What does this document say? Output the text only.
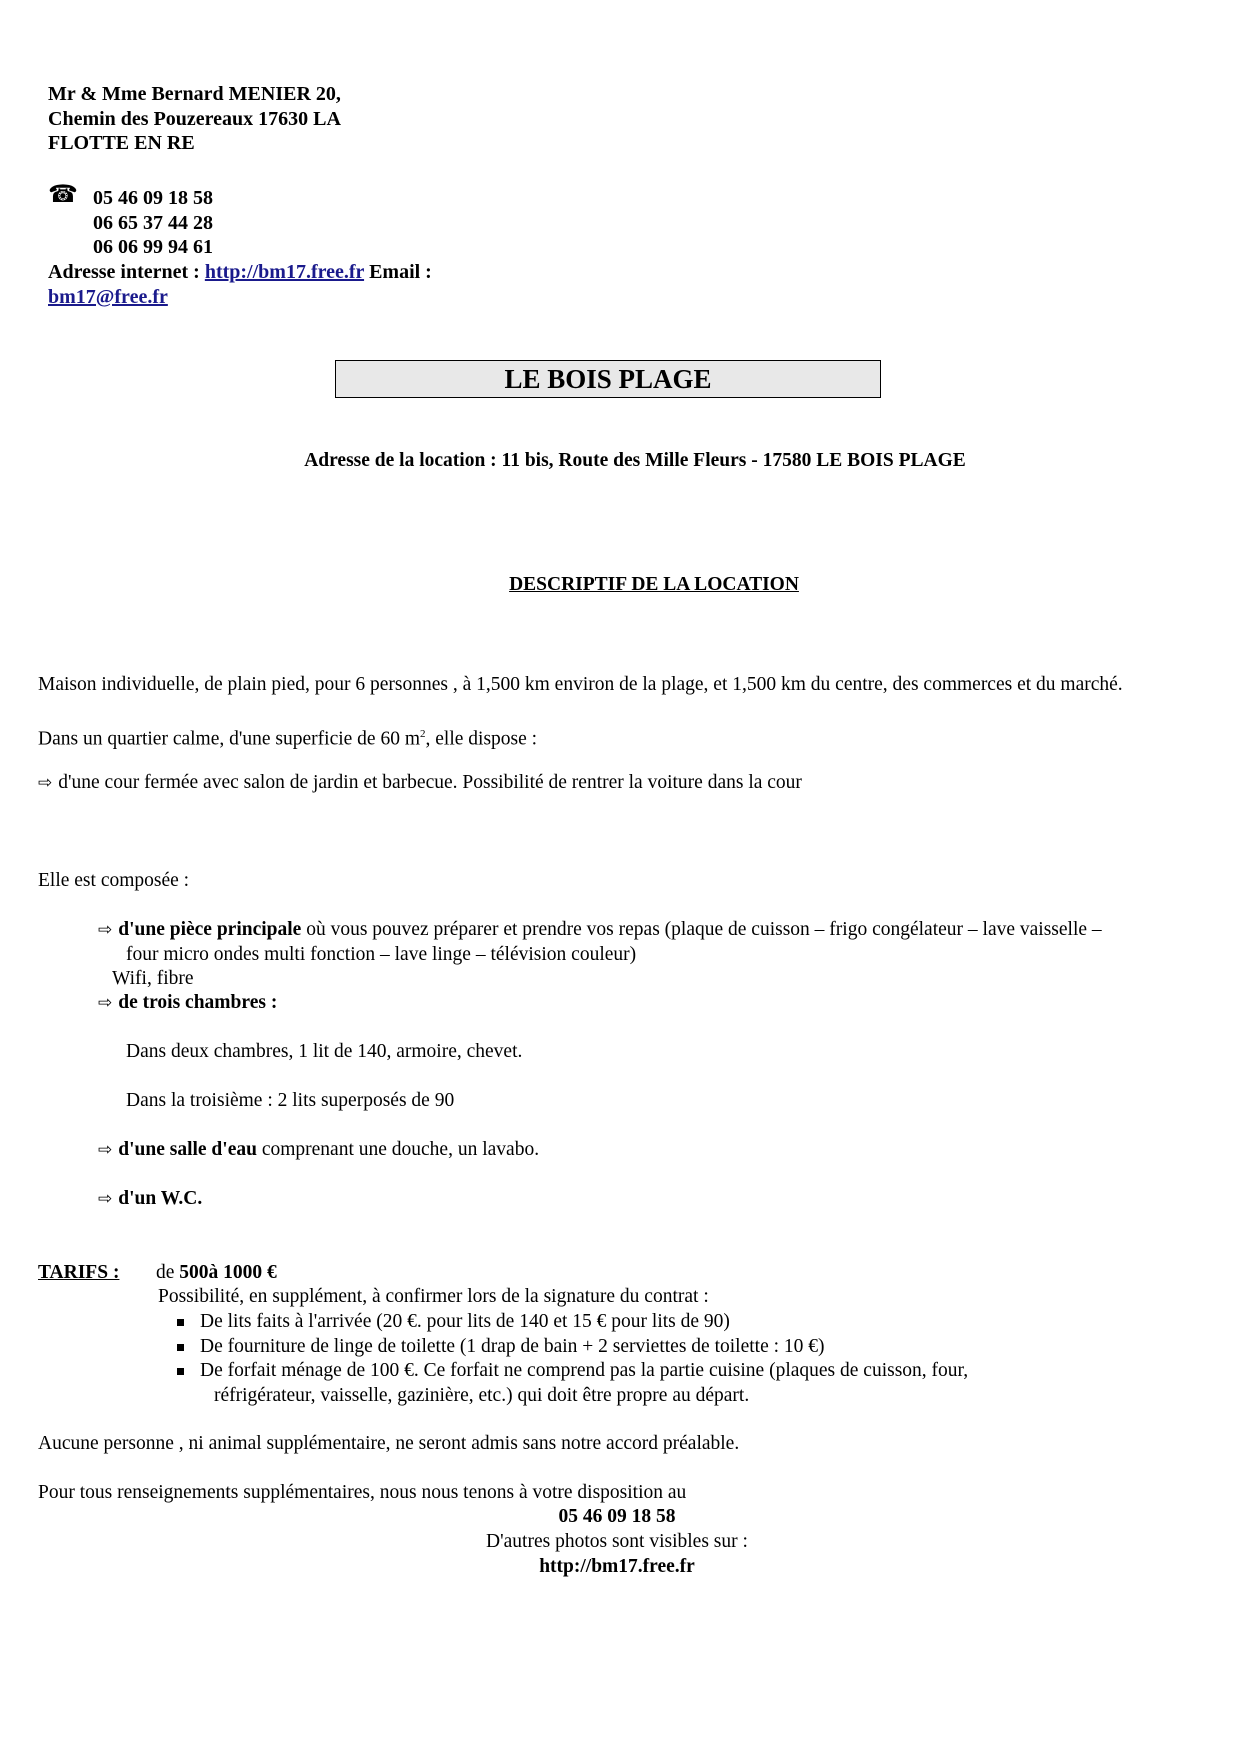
Mr & Mme Bernard MENIER 20,
Chemin des Pouzereaux 17630 LA
FLOTTE EN RE
☎ 05 46 09 18 58
06 65 37 44 28
06 06 99 94 61
Adresse internet : http://bm17.free.fr Email :
bm17@free.fr
LE BOIS PLAGE
Adresse de la location : 11 bis, Route des Mille Fleurs - 17580 LE BOIS PLAGE
DESCRIPTIF DE LA LOCATION
Maison individuelle, de plain pied, pour 6 personnes , à 1,500 km environ de la plage, et 1,500 km du centre, des commerces et du marché.
Dans un quartier calme, d'une superficie de 60 $m^2$, elle dispose :
⇨ d'une cour fermée avec salon de jardin et barbecue. Possibilité de rentrer la voiture dans la cour
Elle est composée :
⇨ d'une pièce principale où vous pouvez préparer et prendre vos repas (plaque de cuisson – frigo congélateur – lave vaisselle –
four micro ondes multi fonction – lave linge – télévision couleur)
Wifi, fibre
⇨ de trois chambres :
Dans deux chambres, 1 lit de 140, armoire, chevet.
Dans la troisième : 2 lits superposés de 90
⇨ d'une salle d'eau comprenant une douche, un lavabo.
⇨ d'un W.C.
TARIFS : de 500à 1000 €
Possibilité, en supplément, à confirmer lors de la signature du contrat :
De lits faits à l'arrivée (20 €. pour lits de 140 et 15 € pour lits de 90)
De fourniture de linge de toilette (1 drap de bain + 2 serviettes de toilette : 10 €)
De forfait ménage de 100 €. Ce forfait ne comprend pas la partie cuisine (plaques de cuisson, four,
réfrigérateur, vaisselle, gazinière, etc.) qui doit être propre au départ.
Aucune personne , ni animal supplémentaire, ne seront admis sans notre accord préalable.
Pour tous renseignements supplémentaires, nous nous tenons à votre disposition au
05 46 09 18 58
D'autres photos sont visibles sur :
http://bm17.free.fr
